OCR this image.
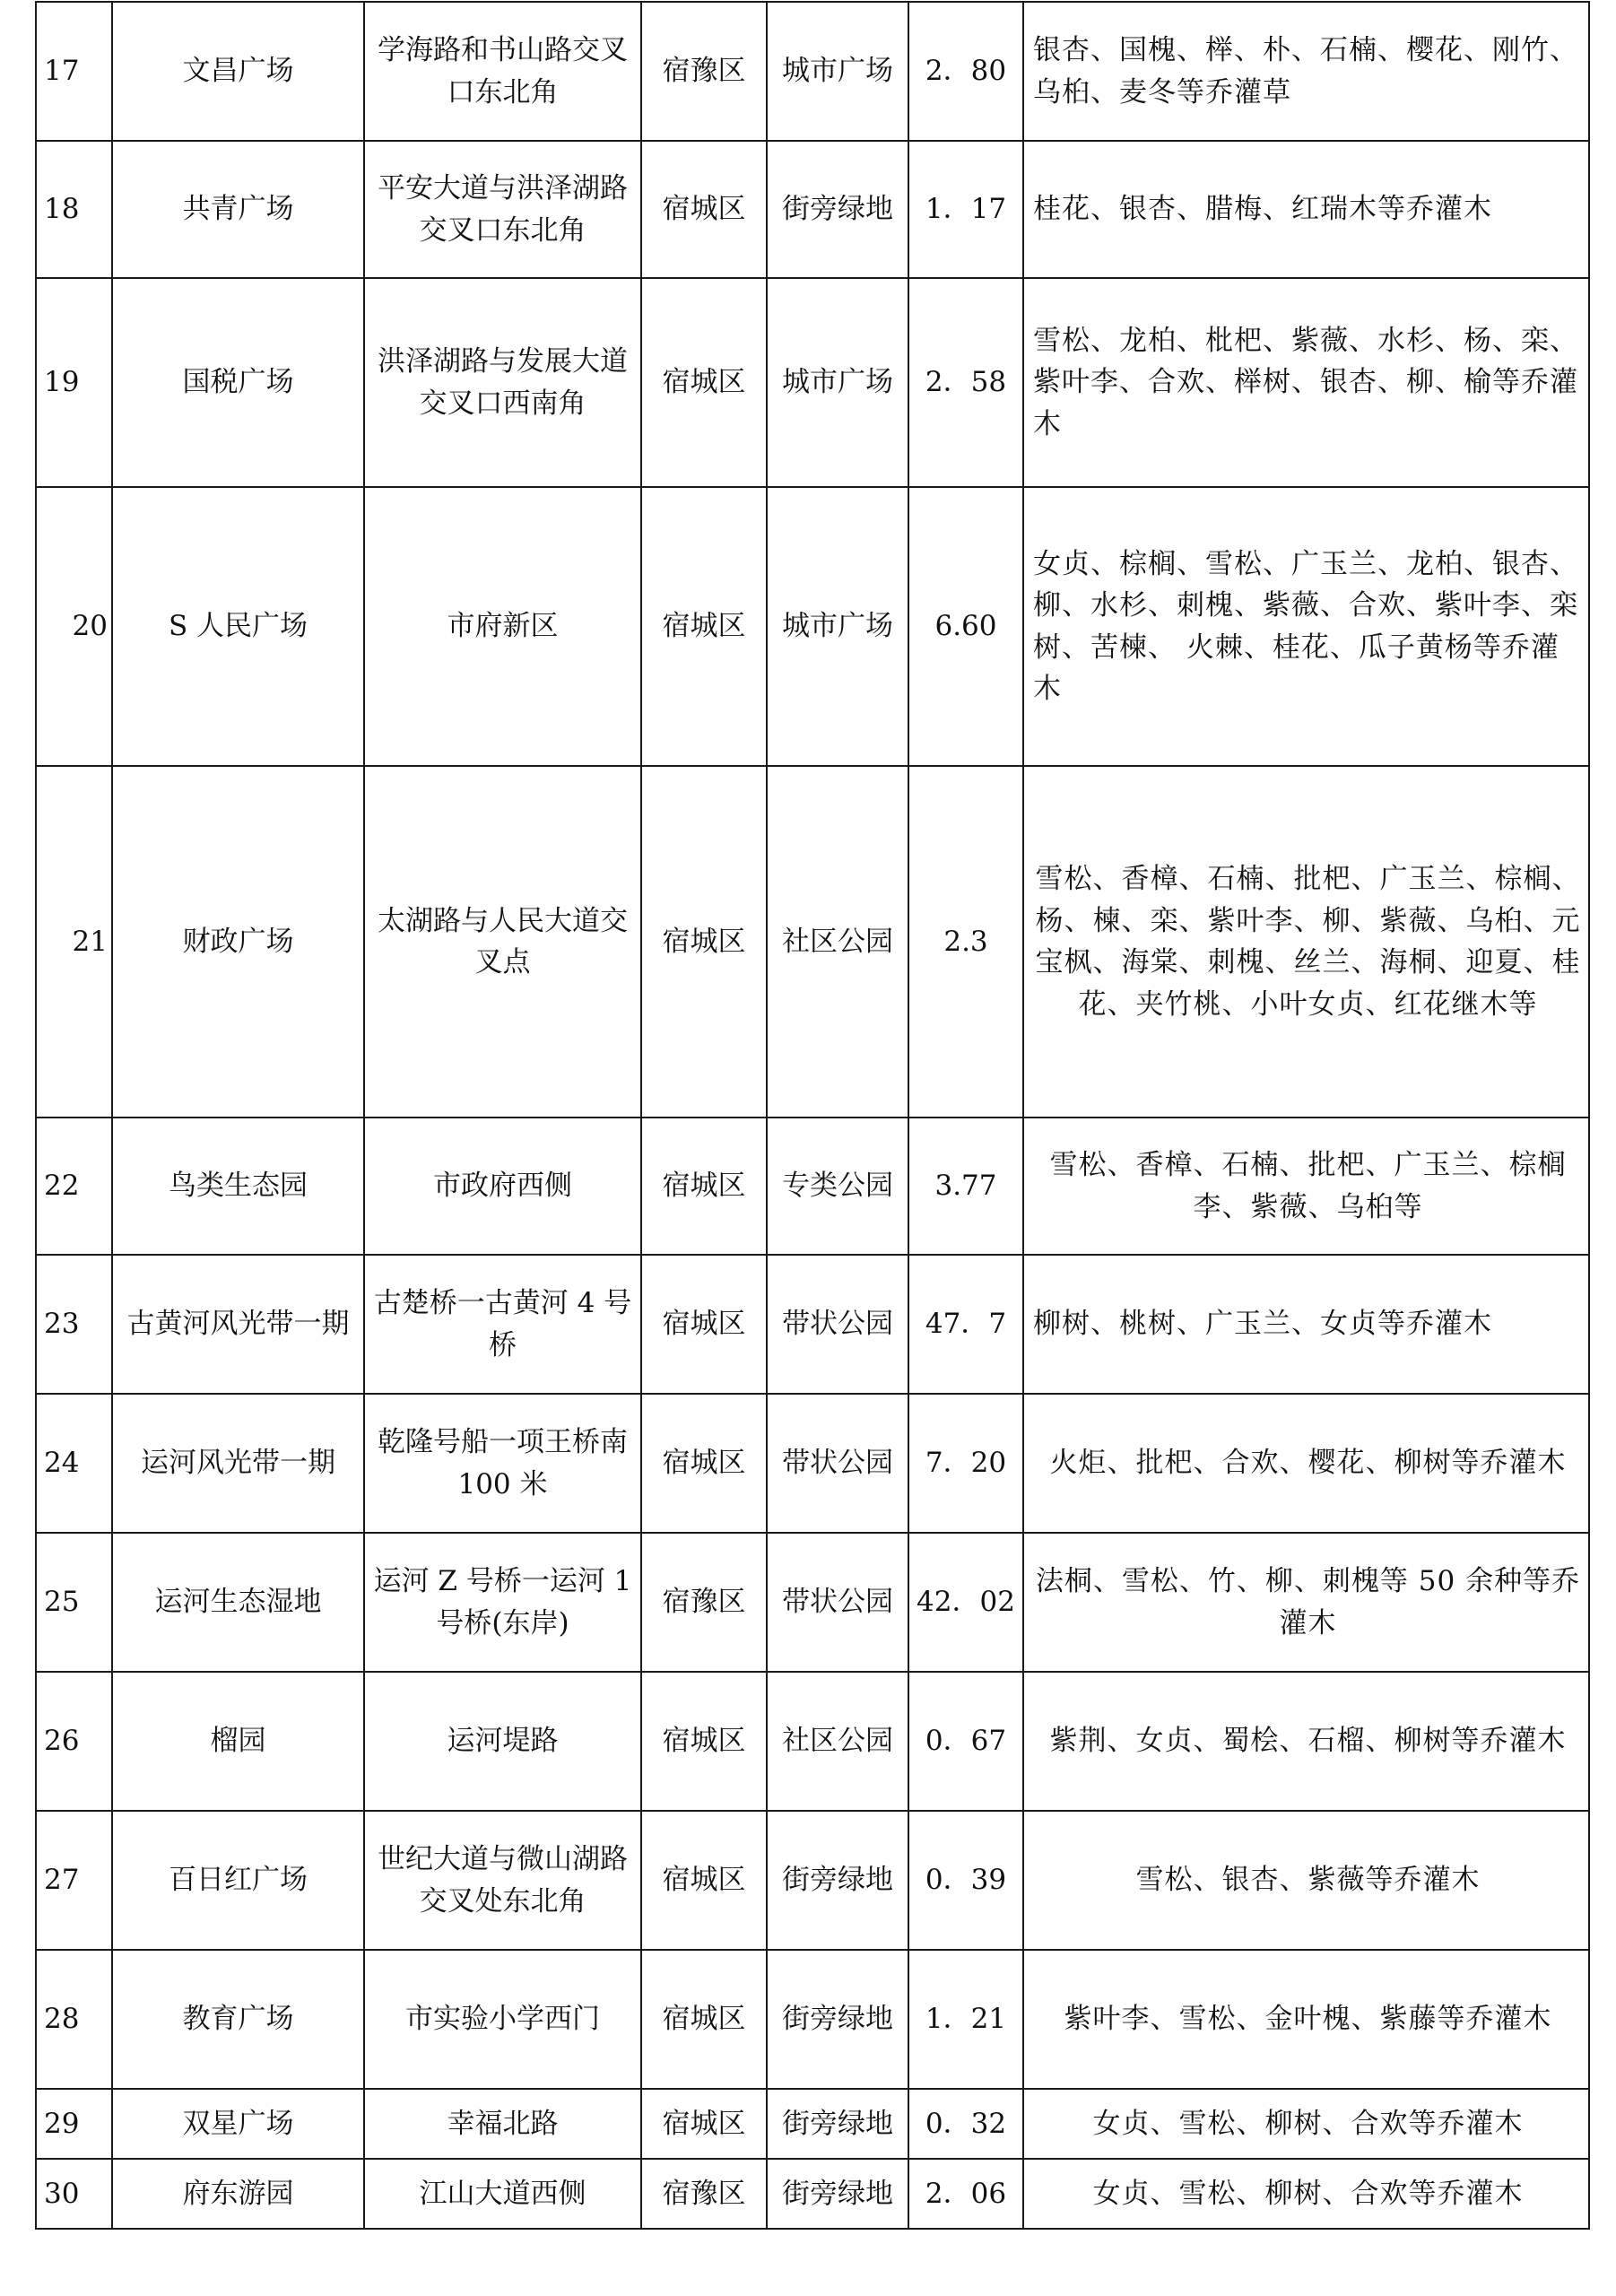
17	文昌广场	学海路和书山路交叉口东北角	宿豫区	城市广场	2．80	银杏、国槐、榉、朴、石楠、樱花、刚竹、乌桕、麦冬等乔灌草
18	共青广场	平安大道与洪泽湖路交叉口东北角	宿城区	街旁绿地	1．17	桂花、银杏、腊梅、红瑞木等乔灌木
19	国税广场	洪泽湖路与发展大道交叉口西南角	宿城区	城市广场	2．58	雪松、龙柏、枇杷、紫薇、水杉、杨、栾、紫叶李、合欢、榉树、银杏、柳、榆等乔灌木
20	S 人民广场	市府新区	宿城区	城市广场	6.60	女贞、棕榈、雪松、广玉兰、龙柏、银杏、柳、水杉、刺槐、紫薇、合欢、紫叶李、栾树、苦楝、 火棘、桂花、瓜子黄杨等乔灌木
21	财政广场	太湖路与人民大道交叉点	宿城区	社区公园	2.3	雪松、香樟、石楠、批杷、广玉兰、棕榈、杨、楝、栾、紫叶李、柳、紫薇、乌桕、元宝枫、海棠、刺槐、丝兰、海桐、迎夏、桂花、夹竹桃、小叶女贞、红花继木等
22	鸟类生态园	市政府西侧	宿城区	专类公园	3.77	雪松、香樟、石楠、批杷、广玉兰、棕榈李、紫薇、乌桕等
23	古黄河风光带一期	古楚桥一古黄河 4 号桥	宿城区	带状公园	47．7	柳树、桃树、广玉兰、女贞等乔灌木
24	运河风光带一期	乾隆号船一项王桥南 100 米	宿城区	带状公园	7．20	火炬、批杷、合欢、樱花、柳树等乔灌木
25	运河生态湿地	运河 Z 号桥一运河 1 号桥(东岸)	宿豫区	带状公园	42．02	法桐、雪松、竹、柳、刺槐等 50 余种等乔灌木
26	榴园	运河堤路	宿城区	社区公园	0．67	紫荆、女贞、蜀桧、石榴、柳树等乔灌木
27	百日红广场	世纪大道与微山湖路交叉处东北角	宿城区	街旁绿地	0．39	雪松、银杏、紫薇等乔灌木
28	教育广场	市实验小学西门	宿城区	街旁绿地	1．21	紫叶李、雪松、金叶槐、紫藤等乔灌木
29	双星广场	幸福北路	宿城区	街旁绿地	0．32	女贞、雪松、柳树、合欢等乔灌木
30	府东游园	江山大道西侧	宿豫区	街旁绿地	2．06	女贞、雪松、柳树、合欢等乔灌木
